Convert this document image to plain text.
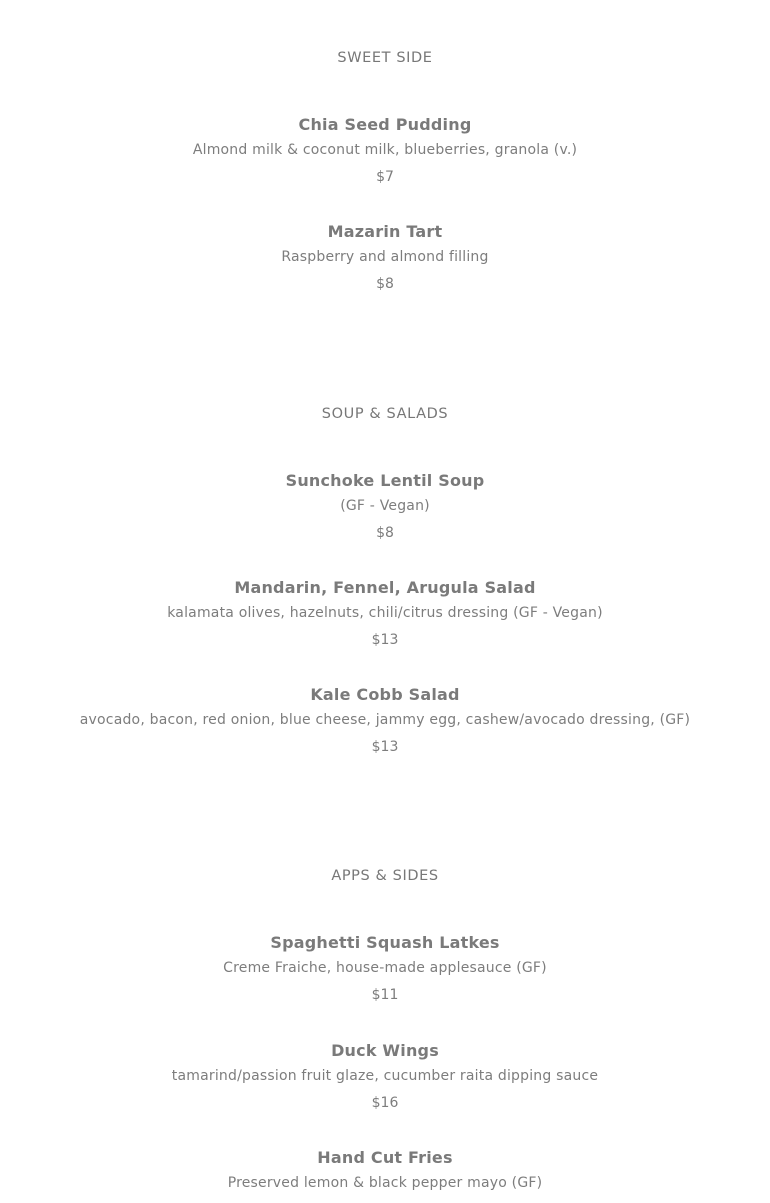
SWEET SIDE
Chia Seed Pudding
Almond milk & coconut milk, blueberries, granola (v.)
$7
Mazarin Tart
Raspberry and almond filling
$8
SOUP & SALADS
Sunchoke Lentil Soup
(GF - Vegan)
$8
Mandarin, Fennel, Arugula Salad
kalamata olives, hazelnuts, chili/citrus dressing (GF - Vegan)
$13
Kale Cobb Salad
avocado, bacon, red onion, blue cheese, jammy egg, cashew/avocado dressing, (GF)
$13
APPS & SIDES
Spaghetti Squash Latkes
Creme Fraiche, house-made applesauce (GF)
$11
Duck Wings
tamarind/passion fruit glaze, cucumber raita dipping sauce
$16
Hand Cut Fries
Preserved lemon & black pepper mayo (GF)
